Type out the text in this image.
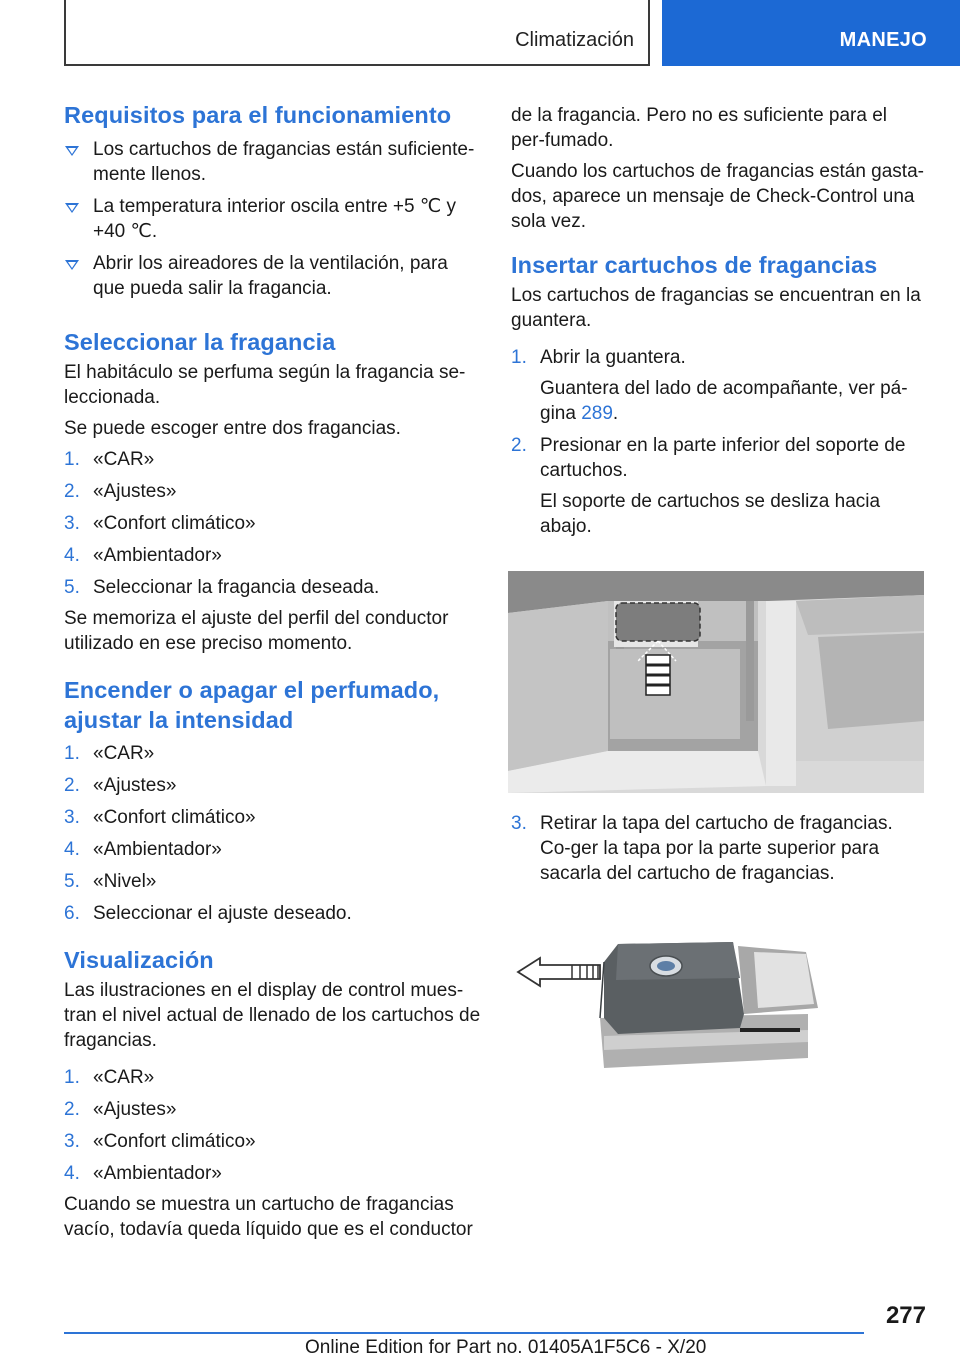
Climatización	MANEJO
Requisitos para el funcionamiento
Los cartuchos de fragancias están suficiente‐mente llenos.
La temperatura interior oscila entre +5 ℃ y +40 ℃.
Abrir los aireadores de la ventilación, para que pueda salir la fragancia.
Seleccionar la fragancia

El habitáculo se perfuma según la fragancia se‐leccionada.

Se puede escoger entre dos fragancias.

1. «CAR»
2. «Ajustes»
3. «Confort climático»
4. «Ambientador»
5. Seleccionar la fragancia deseada.

Se memoriza el ajuste del perfil del conductor utilizado en ese preciso momento.

Encender o apagar el perfumado, ajustar la intensidad
1. «CAR»
2. «Ajustes»
3. «Confort climático»
4. «Ambientador»
5. «Nivel»
6. Seleccionar el ajuste deseado.
Visualización

Las ilustraciones en el display de control mues‐tran el nivel actual de llenado de los cartuchos de fragancias.

1. «CAR»
2. «Ajustes»
3. «Confort climático»
4. «Ambientador»

Cuando se muestra un cartucho de fragancias vacío, todavía queda líquido que es el conductor

de la fragancia. Pero no es suficiente para el per‐fumado.

Cuando los cartuchos de fragancias están gasta‐dos, aparece un mensaje de Check-Control una sola vez.

Insertar cartuchos de fragancias

Los cartuchos de fragancias se encuentran en la guantera.

1. Abrir la guantera.
Guantera del lado de acompañante, ver pá‐gina 289.
2. Presionar en la parte inferior del soporte de cartuchos.
El soporte de cartuchos se desliza hacia abajo.
3. Retirar la tapa del cartucho de fragancias. Co‐ger la tapa por la parte superior para sacarla del cartucho de fragancias.
277
Online Edition for Part no. 01405A1F5C6 - X/20
